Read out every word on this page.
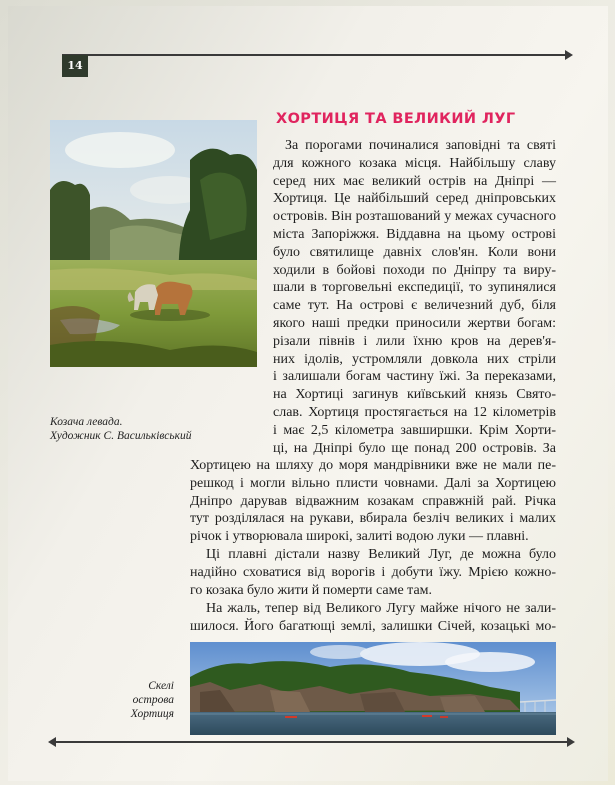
14
Козача левада.
Художник С. Васильківський
ХОРТИЦЯ ТА ВЕЛИКИЙ ЛУГ
За порогами починалися заповідні та святі
для кожного козака місця. Найбільшу славу
серед них має великий острів на Дніпрі —
Хортиця. Це найбільший серед дніпровських
островів. Він розташований у межах сучасного
міста Запоріжжя. Віддавна на цьому острові
було святилище давніх слов'ян. Коли вони
ходили в бойові походи по Дніпру та виру-
шали в торговельні експедиції, то зупинялися
саме тут. На острові є величезний дуб, біля
якого наші предки приносили жертви богам:
різали півнів і лили їхню кров на дерев'я-
них ідолів, устромляли довкола них стріли
і залишали богам частину їжі. За переказами,
на Хортиці загинув київський князь Свято-
слав. Хортиця простягається на 12 кілометрів
і має 2,5 кілометра завширшки. Крім Хорти-
ці, на Дніпрі було ще понад 200 островів. За
Хортицею на шляху до моря мандрівники вже не мали пе-
решкод і могли вільно плисти човнами. Далі за Хортицею
Дніпро дарував відважним козакам справжній рай. Річка
тут розділялася на рукави, вбирала безліч великих і малих
річок і утворювала широкі, залиті водою луки — плавні.
Ці плавні дістали назву Великий Луг, де можна було
надійно сховатися від ворогів і добути їжу. Мрією кожно-
го козака було жити й померти саме там.
На жаль, тепер від Великого Лугу майже нічого не зали-
шилося. Його багатющі землі, залишки Січей, козацькі мо-
Скелі
острова
Хортиця
